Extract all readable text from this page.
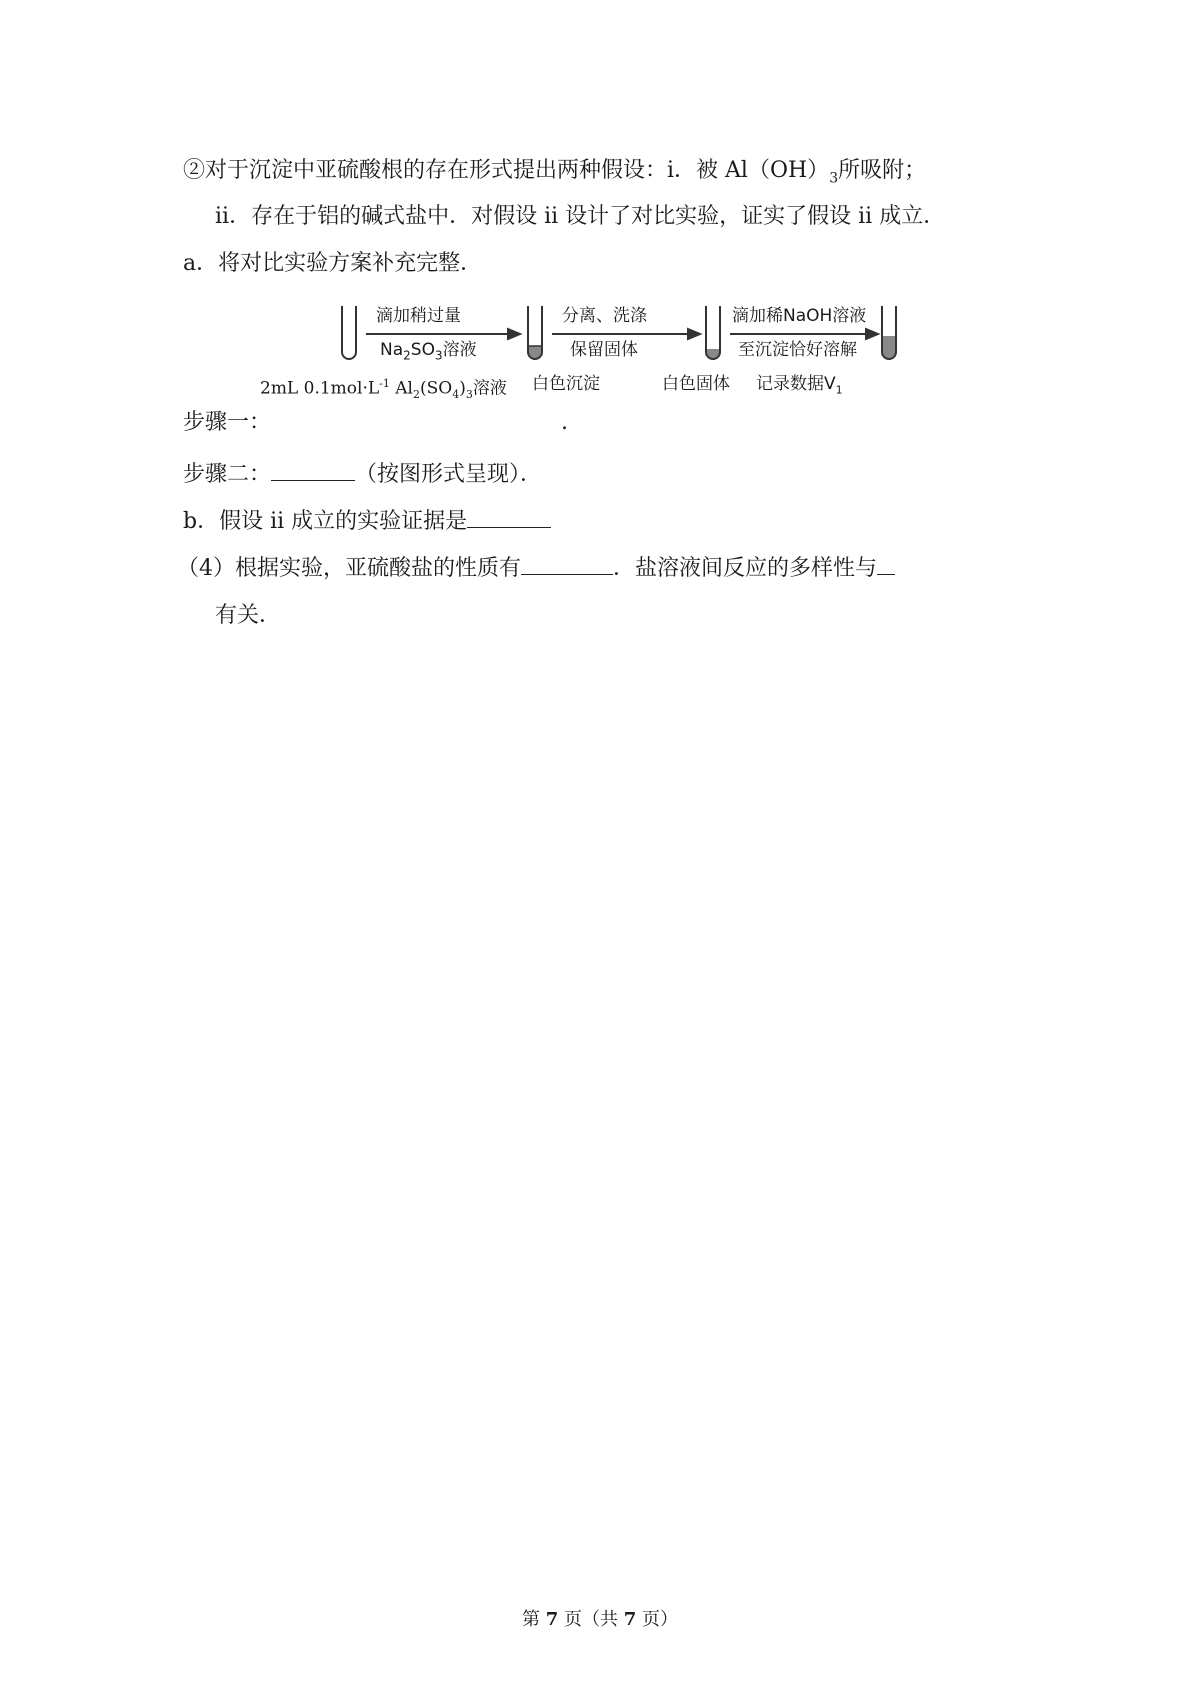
②对于沉淀中亚硫酸根的存在形式提出两种假设：i．被 $Al(OH)_3$所吸附；
ii．存在于铝的碱式盐中．对假设 ii 设计了对比实验，证实了假设 ii 成立．
a．将对比实验方案补充完整．
滴加稍过量
$Na_2SO_3$溶液
分离、洗涤
保留固体
滴加稀NaOH溶液
至沉淀恰好溶解
2mL $0.1mol\cdot L^{-1}$ $Al_2(SO_4)_3$溶液 白色沉淀	白色固体 记录数据$V_1$
步骤一：	.
步骤二：	（按图形式呈现）．
b．假设 ii 成立的实验证据是
（4）根据实验，亚硫酸盐的性质有	．盐溶液间反应的多样性与
有关．
第 7 页（共 7 页）
